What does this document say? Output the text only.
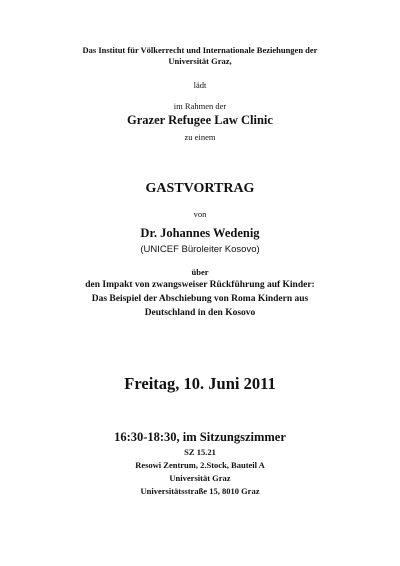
Das Institut für Völkerrecht und Internationale Beziehungen der
Universität Graz,
lädt
im Rahmen der
Grazer Refugee Law Clinic
zu einem
GASTVORTRAG
von
Dr. Johannes Wedenig
(UNICEF Büroleiter Kosovo)
über
den Impakt von zwangsweiser Rückführung auf Kinder:
Das Beispiel der Abschiebung von Roma Kindern aus
Deutschland in den Kosovo
Freitag, 10. Juni 2011
16:30-18:30, im Sitzungszimmer
SZ 15.21
Resowi Zentrum, 2.Stock, Bauteil A
Universität Graz
Universitätsstraße 15, 8010 Graz
